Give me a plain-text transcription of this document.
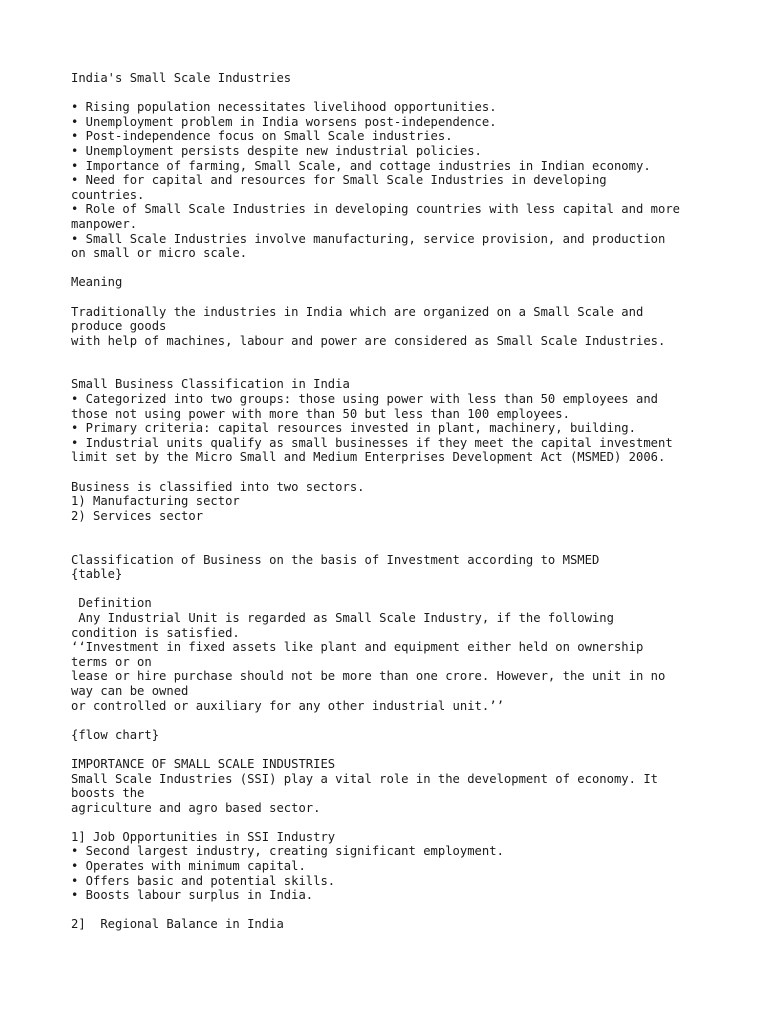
India's Small Scale Industries
• Rising population necessitates livelihood opportunities.
• Unemployment problem in India worsens post-independence.
• Post-independence focus on Small Scale industries.
• Unemployment persists despite new industrial policies.
• Importance of farming, Small Scale, and cottage industries in Indian economy.
• Need for capital and resources for Small Scale Industries in developing
countries.
• Role of Small Scale Industries in developing countries with less capital and more
manpower.
• Small Scale Industries involve manufacturing, service provision, and production
on small or micro scale.
Meaning
Traditionally the industries in India which are organized on a Small Scale and
produce goods
with help of machines, labour and power are considered as Small Scale Industries.
Small Business Classification in India
• Categorized into two groups: those using power with less than 50 employees and
those not using power with more than 50 but less than 100 employees.
• Primary criteria: capital resources invested in plant, machinery, building.
• Industrial units qualify as small businesses if they meet the capital investment
limit set by the Micro Small and Medium Enterprises Development Act (MSMED) 2006.
Business is classified into two sectors.
1) Manufacturing sector
2) Services sector
Classification of Business on the basis of Investment according to MSMED
{table}
Definition
Any Industrial Unit is regarded as Small Scale Industry, if the following
condition is satisfied.
‘‘Investment in fixed assets like plant and equipment either held on ownership
terms or on
lease or hire purchase should not be more than one crore. However, the unit in no
way can be owned
or controlled or auxiliary for any other industrial unit.’’
{flow chart}
IMPORTANCE OF SMALL SCALE INDUSTRIES
Small Scale Industries (SSI) play a vital role in the development of economy. It
boosts the
agriculture and agro based sector.
1] Job Opportunities in SSI Industry
• Second largest industry, creating significant employment.
• Operates with minimum capital.
• Offers basic and potential skills.
• Boosts labour surplus in India.
2]  Regional Balance in India
